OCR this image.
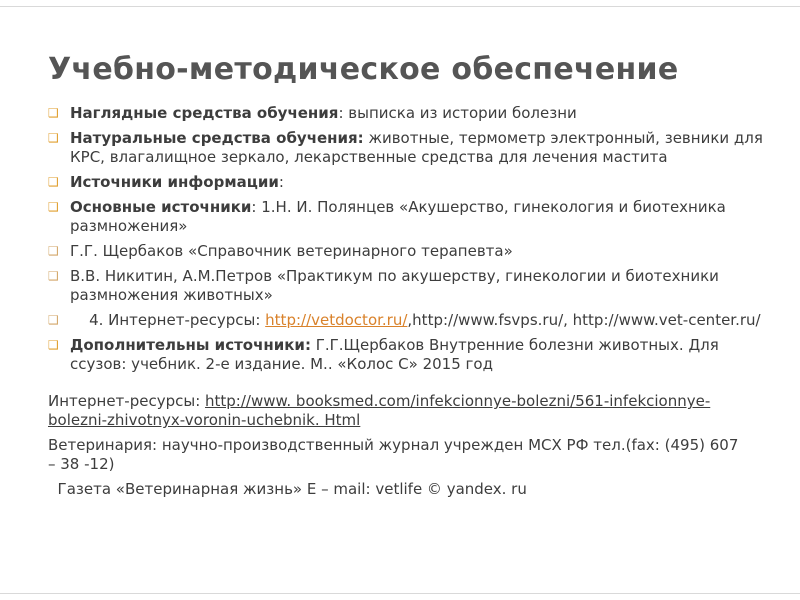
Учебно-методическое обеспечение
❑ Наглядные средства обучения: выписка из истории болезни
❑ Натуральные средства обучения: животные, термометр электронный, зевники для КРС, влагалищное зеркало, лекарственные средства для лечения мастита
❑ Источники информации:
❑ Основные источники: 1.Н. И. Полянцев «Акушерство, гинекология и биотехника размножения»
❑ Г.Г. Щербаков «Справочник ветеринарного терапевта»
❑ В.В. Никитин, А.М.Петров «Практикум по акушерству, гинекологии и биотехники размножения животных»
❑ 4. Интернет-ресурсы: http://vetdoctor.ru/,http://www.fsvps.ru/, http://www.vet-center.ru/
❑ Дополнительны источники: Г.Г.Щербаков Внутренние болезни животных. Для ссузов: учебник. 2-е издание. М.. «Колос С» 2015 год
Интернет-ресурсы: http://www. booksmed.com/infekcionnye-bolezni/561-infekcionnye-bolezni-zhivotnyx-voronin-uchebnik. Html
Ветеринария: научно-производственный журнал учрежден МСХ РФ тел.(fax: (495) 607 – 38 -12)
Газета «Ветеринарная жизнь» E – mail: vetlife © yandex. ru
